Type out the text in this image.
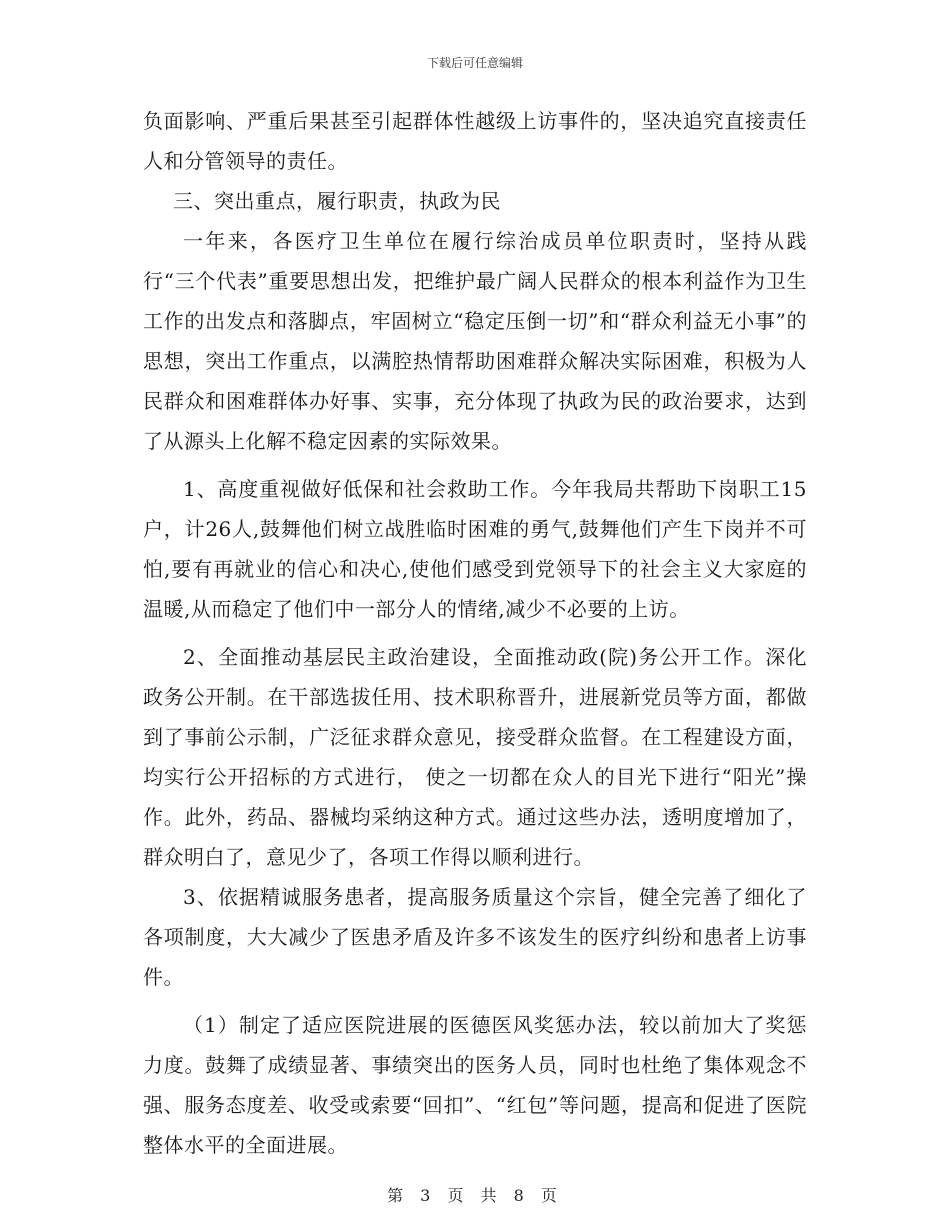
下载后可任意编辑

负面影响、严重后果甚至引起群体性越级上访事件的，坚决追究直接责任人和分管领导的责任。

三、突出重点，履行职责，执政为民

一年来，各医疗卫生单位在履行综治成员单位职责时，坚持从践行“三个代表”重要思想出发，把维护最广阔人民群众的根本利益作为卫生工作的出发点和落脚点，牢固树立“稳定压倒一切”和“群众利益无小事”的思想，突出工作重点，以满腔热情帮助困难群众解决实际困难，积极为人民群众和困难群体办好事、实事，充分体现了执政为民的政治要求，达到了从源头上化解不稳定因素的实际效果。

1、高度重视做好低保和社会救助工作。今年我局共帮助下岗职工15户，计26人,鼓舞他们树立战胜临时困难的勇气,鼓舞他们产生下岗并不可怕,要有再就业的信心和决心,使他们感受到党领导下的社会主义大家庭的温暖,从而稳定了他们中一部分人的情绪,减少不必要的上访。

2、全面推动基层民主政治建设，全面推动政(院)务公开工作。深化政务公开制。在干部选拔任用、技术职称晋升，进展新党员等方面，都做到了事前公示制，广泛征求群众意见，接受群众监督。在工程建设方面，均实行公开招标的方式进行， 使之一切都在众人的目光下进行“阳光”操作。此外，药品、器械均采纳这种方式。通过这些办法，透明度增加了，群众明白了，意见少了，各项工作得以顺利进行。

3、依据精诚服务患者，提高服务质量这个宗旨，健全完善了细化了各项制度，大大减少了医患矛盾及许多不该发生的医疗纠纷和患者上访事件。

（1）制定了适应医院进展的医德医风奖惩办法，较以前加大了奖惩力度。鼓舞了成绩显著、事绩突出的医务人员，同时也杜绝了集体观念不强、服务态度差、收受或索要“回扣”、“红包”等问题，提高和促进了医院整体水平的全面进展。

第 3 页 共 8 页
